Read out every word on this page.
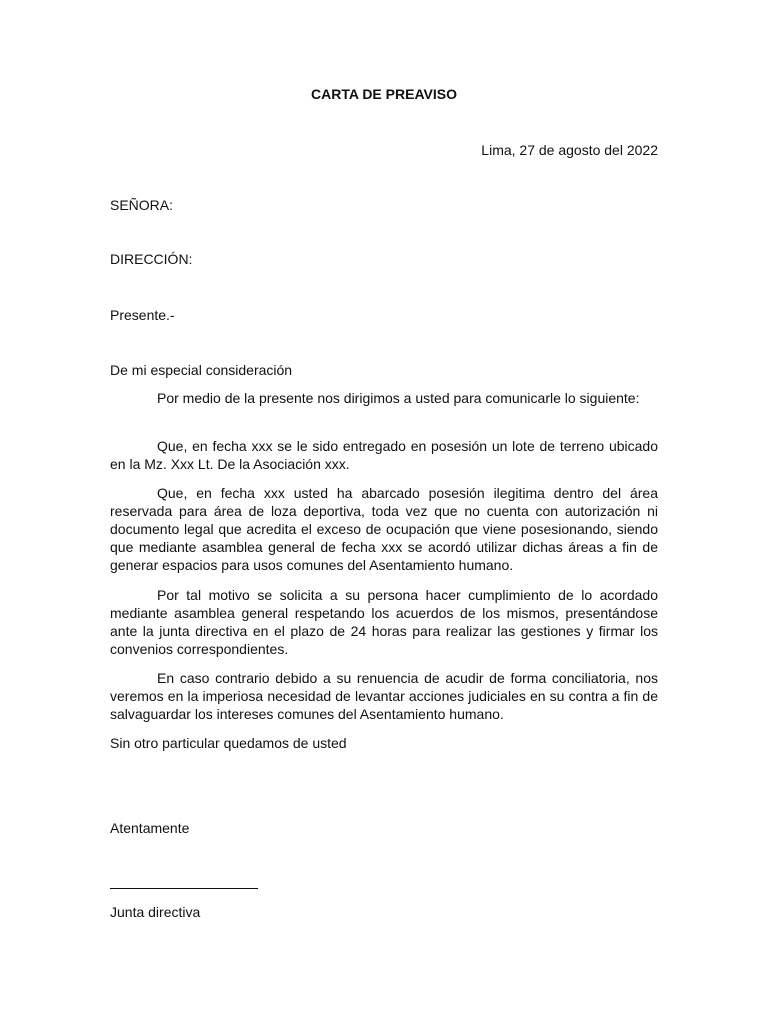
CARTA DE PREAVISO
Lima, 27 de agosto del 2022
SEÑORA:
DIRECCIÓN:
Presente.-
De mi especial consideración
Por medio de la presente nos dirigimos a usted para comunicarle lo siguiente:
Que, en fecha xxx se le sido entregado en posesión un lote de terreno ubicado en la Mz. Xxx Lt. De la Asociación xxx.
Que, en fecha xxx usted ha abarcado posesión ilegitima dentro del área reservada para área de loza deportiva, toda vez que no cuenta con autorización ni documento legal que acredita el exceso de ocupación que viene posesionando, siendo que mediante asamblea general de fecha xxx se acordó utilizar dichas áreas a fin de generar espacios para usos comunes del Asentamiento humano.
Por tal motivo se solicita a su persona hacer cumplimiento de lo acordado mediante asamblea general respetando los acuerdos de los mismos, presentándose ante la junta directiva en el plazo de 24 horas para realizar las gestiones y firmar los convenios correspondientes.
En caso contrario debido a su renuencia de acudir de forma conciliatoria, nos veremos en la imperiosa necesidad de levantar acciones judiciales en su contra a fin de salvaguardar los intereses comunes del Asentamiento humano.
Sin otro particular quedamos de usted
Atentamente
Junta directiva
